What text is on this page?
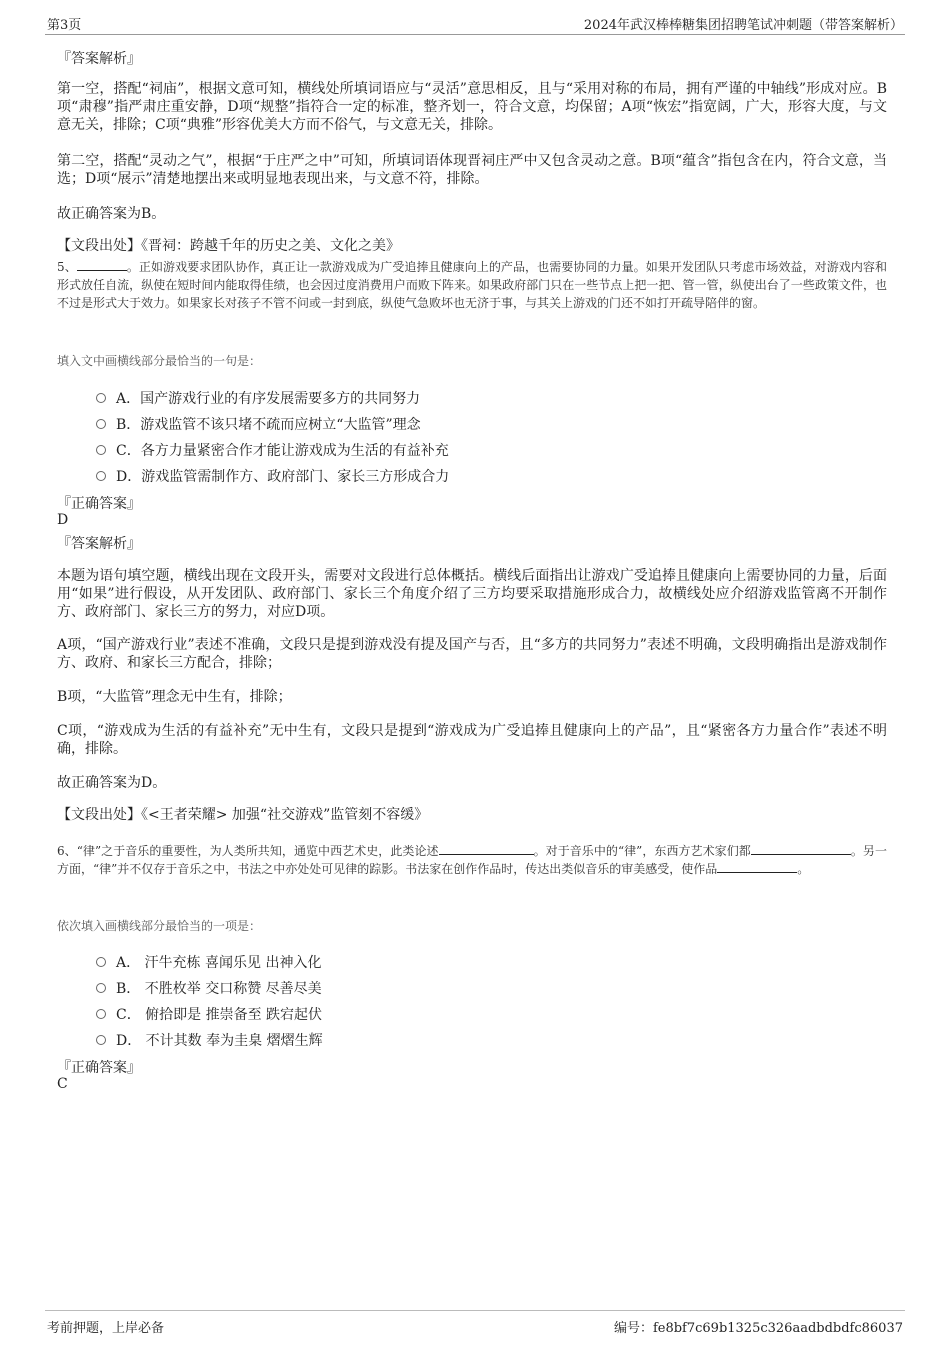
第3页	2024年武汉棒棒糖集团招聘笔试冲刺题（带答案解析）
『答案解析』
第一空，搭配“祠庙”，根据文意可知，横线处所填词语应与“灵活”意思相反，且与“采用对称的布局，拥有严谨的中轴线”形成对应。B项“肃穆”指严肃庄重安静，D项“规整”指符合一定的标准，整齐划一，符合文意，均保留；A项“恢宏”指宽阔，广大，形容大度，与文意无关，排除；C项“典雅”形容优美大方而不俗气，与文意无关，排除。
第二空，搭配“灵动之气”，根据“于庄严之中”可知，所填词语体现晋祠庄严中又包含灵动之意。B项“蕴含”指包含在内，符合文意，当选；D项“展示”清楚地摆出来或明显地表现出来，与文意不符，排除。
故正确答案为B。
【文段出处】《晋祠：跨越千年的历史之美、文化之美》
5、	。正如游戏要求团队协作，真正让一款游戏成为广受追捧且健康向上的产品，也需要协同的力量。如果开发团队只考虑市场效益，对游戏内容和形式放任自流，纵使在短时间内能取得佳绩，也会因过度消费用户而败下阵来。如果政府部门只在一些节点上把一把、管一管，纵使出台了一些政策文件，也不过是形式大于效力。如果家长对孩子不管不问或一封到底，纵使气急败坏也无济于事，与其关上游戏的门还不如打开疏导陪伴的窗。
填入文中画横线部分最恰当的一句是：
A．国产游戏行业的有序发展需要多方的共同努力
B．游戏监管不该只堵不疏而应树立“大监管”理念
C．各方力量紧密合作才能让游戏成为生活的有益补充
D．游戏监管需制作方、政府部门、家长三方形成合力
『正确答案』
D
『答案解析』
本题为语句填空题，横线出现在文段开头，需要对文段进行总体概括。横线后面指出让游戏广受追捧且健康向上需要协同的力量，后面用“如果”进行假设，从开发团队、政府部门、家长三个角度介绍了三方均要采取措施形成合力，故横线处应介绍游戏监管离不开制作方、政府部门、家长三方的努力，对应D项。
A项，“国产游戏行业”表述不准确，文段只是提到游戏没有提及国产与否，且“多方的共同努力”表述不明确，文段明确指出是游戏制作方、政府、和家长三方配合，排除；
B项，“大监管”理念无中生有，排除；
C项，“游戏成为生活的有益补充”无中生有，文段只是提到“游戏成为广受追捧且健康向上的产品”，且“紧密各方力量合作”表述不明确，排除。
故正确答案为D。
【文段出处】《<王者荣耀> 加强“社交游戏”监管刻不容缓》
6、“律”之于音乐的重要性，为人类所共知，通览中西艺术史，此类论述	。对于音乐中的“律”，东西方艺术家们都	。另一方面，“律”并不仅存于音乐之中，书法之中亦处处可见律的踪影。书法家在创作作品时，传达出类似音乐的审美感受，使作品	。
依次填入画横线部分最恰当的一项是：
A． 汗牛充栋 喜闻乐见 出神入化
B． 不胜枚举 交口称赞 尽善尽美
C． 俯拾即是 推崇备至 跌宕起伏
D． 不计其数 奉为圭臬 熠熠生辉
『正确答案』
C
考前押题，上岸必备	编号：fe8bf7c69b1325c326aadbdbdfc86037
